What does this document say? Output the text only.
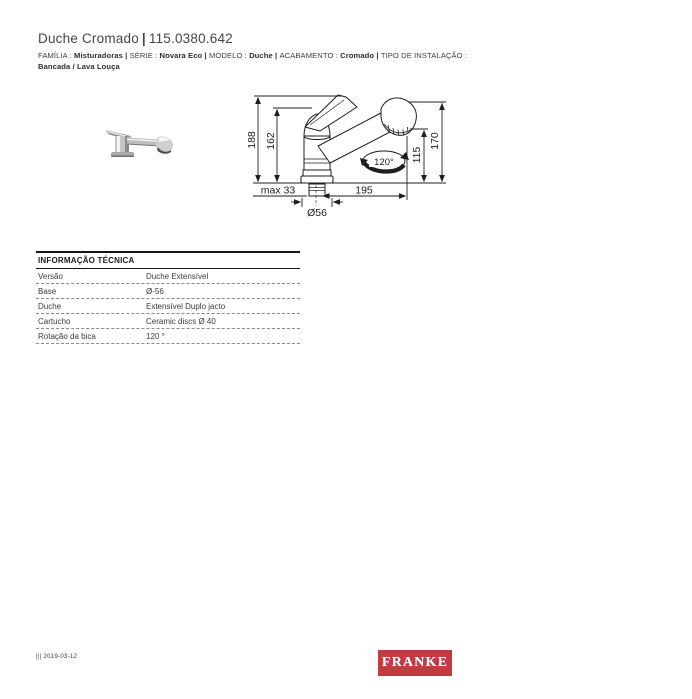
Duche Cromado | 115.0380.642

FAMÍLIA : Misturadoras | SÉRIE : Novara Eco | MODELO : Duche | ACABAMENTO : Cromado | TIPO DE INSTALAÇÃO :
Bancada / Lava Louça

120°
188 162	170
115
max 33	195
Ø56
INFORMAÇÃO TÉCNICA
Versão	Duche Extensível
Base	Ø-56
Duche	Extensível Duplo jacto
Cartucho	Ceramic discs Ø 40
Rotação da bica	120 °
||| 2019-03-12	FRANKE
